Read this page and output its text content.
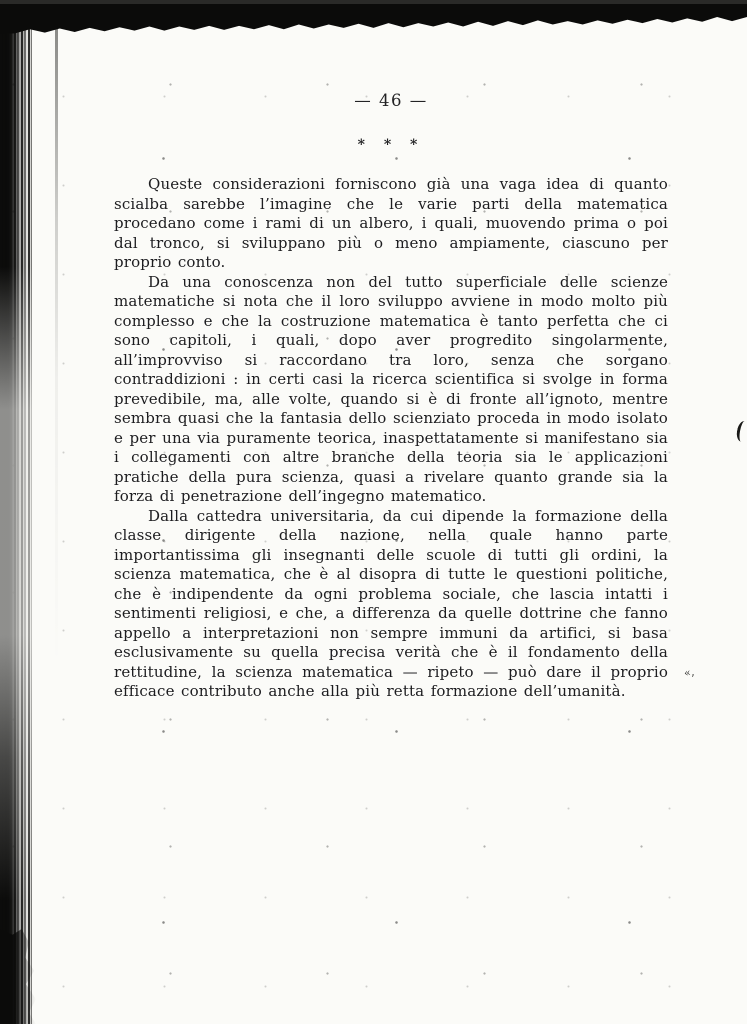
— 46 —
* * *

Queste considerazioni forniscono già una vaga idea di quanto scialba sarebbe l’imagine che le varie parti della matematica procedano come i rami di un albero, i quali, muovendo prima o poi dal tronco, si sviluppano più o meno ampiamente, ciascuno per proprio conto.

Da una conoscenza non del tutto superficiale delle scienze matematiche si nota che il loro sviluppo avviene in modo molto più complesso e che la costruzione matematica è tanto perfetta che ci sono capitoli, i quali, dopo aver progredito singolarmente, all’improvviso si raccordano tra loro, senza che sorgano contraddizioni : in certi casi la ricerca scientifica si svolge in forma prevedibile, ma, alle volte, quando si è di fronte all’ignoto, mentre sembra quasi che la fantasia dello scienziato proceda in modo isolato e per una via puramente teorica, inaspettatamente si manifestano sia i collegamenti con altre branche della teoria sia le applicazioni pratiche della pura scienza, quasi a rivelare quanto grande sia la forza di penetrazione dell’ingegno matematico.

Dalla cattedra universitaria, da cui dipende la formazione della classe dirigente della nazione, nella quale hanno parte importantissima gli insegnanti delle scuole di tutti gli ordini, la scienza matematica, che è al disopra di tutte le questioni politiche, che è indipendente da ogni problema sociale, che lascia intatti i sentimenti religiosi, e che, a differenza da quelle dottrine che fanno appello a interpretazioni non sempre immuni da artifici, si basa esclusivamente su quella precisa verità che è il fondamento della rettitudine, la scienza matematica — ripeto — può dare il proprio efficace contributo anche alla più retta formazione dell’umanità.

«,
